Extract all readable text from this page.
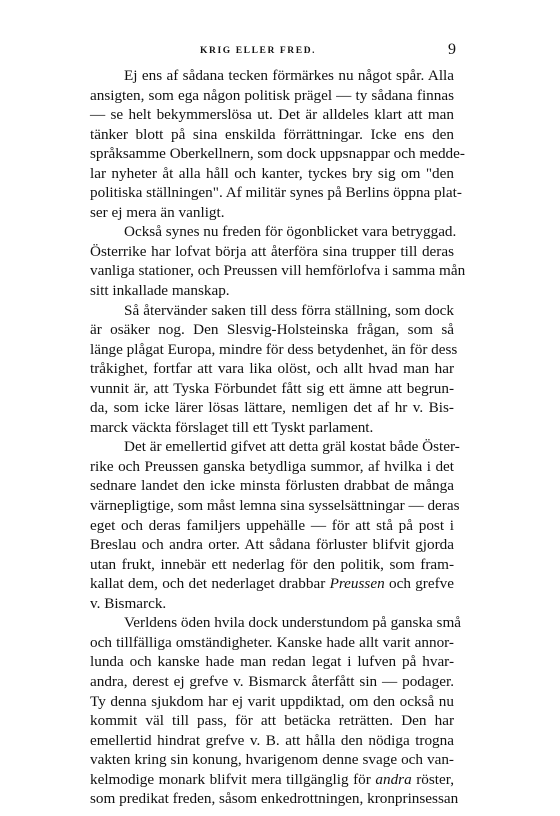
KRIG ELLER FRED.	9
Ej ens af sådana tecken förmärkes nu något spår. Alla
ansigten, som ega någon politisk prägel — ty sådana finnas
— se helt bekymmerslösa ut. Det är alldeles klart att man
tänker blott på sina enskilda förrättningar. Icke ens den
språksamme Oberkellnern, som dock uppsnappar och medde-
lar nyheter åt alla håll och kanter, tyckes bry sig om "den
politiska ställningen". Af militär synes på Berlins öppna plat-
ser ej mera än vanligt.
Också synes nu freden för ögonblicket vara betryggad.
Österrike har lofvat börja att återföra sina trupper till deras
vanliga stationer, och Preussen vill hemförlofva i samma mån
sitt inkallade manskap.
Så återvänder saken till dess förra ställning, som dock
är osäker nog. Den Slesvig-Holsteinska frågan, som så
länge plågat Europa, mindre för dess betydenhet, än för dess
tråkighet, fortfar att vara lika olöst, och allt hvad man har
vunnit är, att Tyska Förbundet fått sig ett ämne att begrun-
da, som icke lärer lösas lättare, nemligen det af hr v. Bis-
marck väckta förslaget till ett Tyskt parlament.
Det är emellertid gifvet att detta gräl kostat både Öster-
rike och Preussen ganska betydliga summor, af hvilka i det
sednare landet den icke minsta förlusten drabbat de många
värnepligtige, som måst lemna sina sysselsättningar — deras
eget och deras familjers uppehälle — för att stå på post i
Breslau och andra orter. Att sådana förluster blifvit gjorda
utan frukt, innebär ett nederlag för den politik, som fram-
kallat dem, och det nederlaget drabbar Preussen och grefve
v. Bismarck.
Verldens öden hvila dock understundom på ganska små
och tillfälliga omständigheter. Kanske hade allt varit annor-
lunda och kanske hade man redan legat i lufven på hvar-
andra, derest ej grefve v. Bismarck återfått sin — podager.
Ty denna sjukdom har ej varit uppdiktad, om den också nu
kommit väl till pass, för att betäcka reträtten. Den har
emellertid hindrat grefve v. B. att hålla den nödiga trogna
vakten kring sin konung, hvarigenom denne svage och van-
kelmodige monark blifvit mera tillgänglig för andra röster,
som predikat freden, såsom enkedrottningen, kronprinsessan
